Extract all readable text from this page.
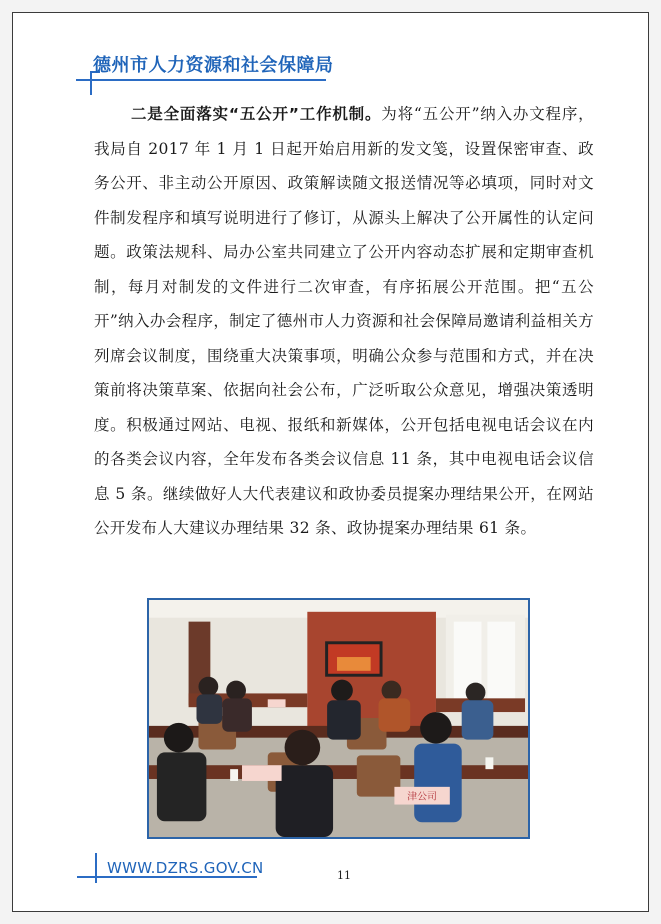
德州市人力资源和社会保障局

二是全面落实“五公开”工作机制。为将“五公开”纳入办文程序，我局自 2017 年 1 月 1 日起开始启用新的发文笺，设置保密审查、政务公开、非主动公开原因、政策解读随文报送情况等必填项，同时对文件制发程序和填写说明进行了修订，从源头上解决了公开属性的认定问题。政策法规科、局办公室共同建立了公开内容动态扩展和定期审查机制，每月对制发的文件进行二次审查，有序拓展公开范围。把“五公开”纳入办会程序，制定了德州市人力资源和社会保障局邀请利益相关方列席会议制度，围绕重大决策事项，明确公众参与范围和方式，并在决策前将决策草案、依据向社会公布，广泛听取公众意见，增强决策透明度。积极通过网站、电视、报纸和新媒体，公开包括电视电话会议在内的各类会议内容，全年发布各类会议信息 11 条，其中电视电话会议信息 5 条。继续做好人大代表建议和政协委员提案办理结果公开，在网站公开发布人大建议办理结果 32 条、政协提案办理结果 61 条。

津公司
WWW.DZRS.GOV.CN	11
